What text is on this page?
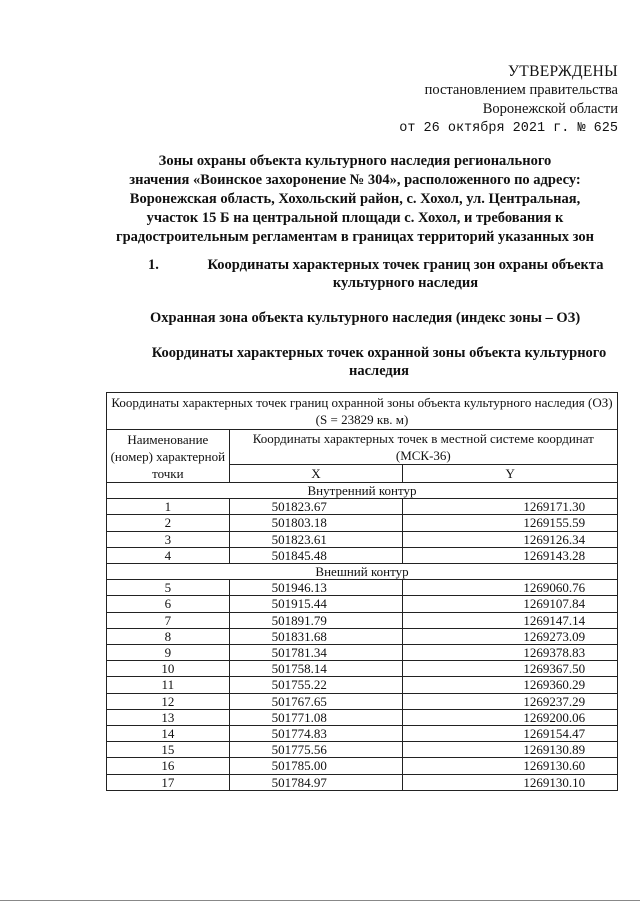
УТВЕРЖДЕНЫ
постановлением правительства
Воронежской области
от 26 октября 2021 г. № 625
Зоны охраны объекта культурного наследия регионального
значения «Воинское захоронение № 304», расположенного по адресу:
Воронежская область, Хохольский район, с. Хохол, ул. Центральная,
участок 15 Б на центральной площади с. Хохол, и требования к
градостроительным регламентам в границах территорий указанных зон
1.	Координаты характерных точек границ зон охраны объекта
культурного наследия
Охранная зона объекта культурного наследия (индекс зоны – ОЗ)
Координаты характерных точек охранной зоны объекта культурного
наследия
Координаты характерных точек границ охранной зоны объекта культурного наследия (ОЗ) (S = 23829 кв. м)		
Наименование (номер) характерной точки	Координаты характерных точек в местной системе координат (МСК-36)	
	X	Y
Внутренний контур		
1	501823.67	1269171.30
2	501803.18	1269155.59
3	501823.61	1269126.34
4	501845.48	1269143.28
Внешний контур		
5	501946.13	1269060.76
6	501915.44	1269107.84
7	501891.79	1269147.14
8	501831.68	1269273.09
9	501781.34	1269378.83
10	501758.14	1269367.50
11	501755.22	1269360.29
12	501767.65	1269237.29
13	501771.08	1269200.06
14	501774.83	1269154.47
15	501775.56	1269130.89
16	501785.00	1269130.60
17	501784.97	1269130.10
